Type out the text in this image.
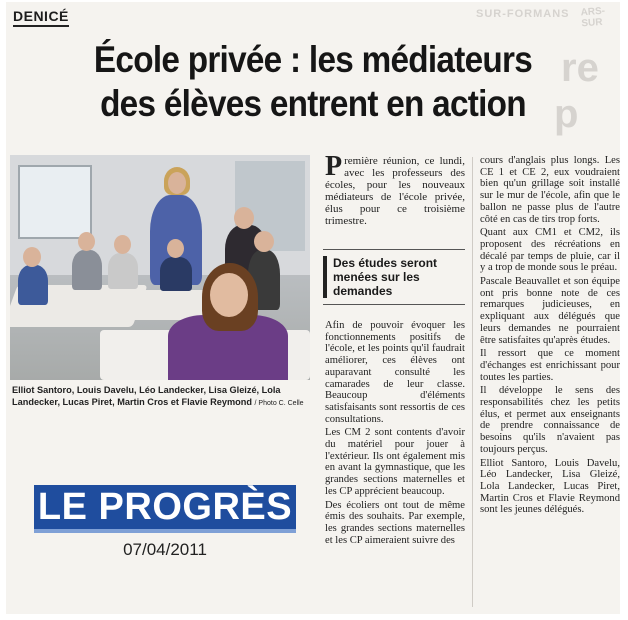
SUR-FORMANS ARS-SUR
re
p
DENICÉ
École privée : les médiateurs
des élèves entrent en action
Elliot Santoro, Louis Davelu, Léo Landecker, Lisa Gleizé, Lola Landecker, Lucas Piret, Martin Cros et Flavie Reymond / Photo C. Celle

Première réunion, ce lundi, avec les professeurs des écoles, pour les nouveaux médiateurs de l'école privée, élus pour ce troisième trimestre.

Des études seront menées sur les demandes

Afin de pouvoir évoquer les fonctionnements positifs de l'école, et les points qu'il faudrait améliorer, ces élèves ont auparavant consulté les camarades de leur classe. Beaucoup d'éléments satisfaisants sont ressortis de ces consultations.

Les CM 2 sont contents d'avoir du matériel pour jouer à l'extérieur. Ils ont également mis en avant la gymnastique, que les grandes sections maternelles et les CP apprécient beaucoup.

Des écoliers ont tout de même émis des souhaits. Par exemple, les grandes sections maternelles et les CP aimeraient suivre des

cours d'anglais plus longs. Les CE 1 et CE 2, eux voudraient bien qu'un grillage soit installé sur le mur de l'école, afin que le ballon ne passe plus de l'autre côté en cas de tirs trop forts.

Quant aux CM1 et CM2, ils proposent des récréations en décalé par temps de pluie, car il y a trop de monde sous le préau.

Pascale Beauvallet et son équipe ont pris bonne note de ces remarques judicieuses, en expliquant aux délégués que leurs demandes ne pourraient être satisfaites qu'après études.

Il ressort que ce moment d'échanges est enrichissant pour toutes les parties.

Il développe le sens des responsabilités chez les petits élus, et permet aux enseignants de prendre connaissance de besoins qu'ils n'avaient pas toujours perçus.

Elliot Santoro, Louis Davelu, Léo Landecker, Lisa Gleizé, Lola Landecker, Lucas Piret, Martin Cros et Flavie Reymond sont les jeunes délégués.

LE PROGRÈS
07/04/2011
